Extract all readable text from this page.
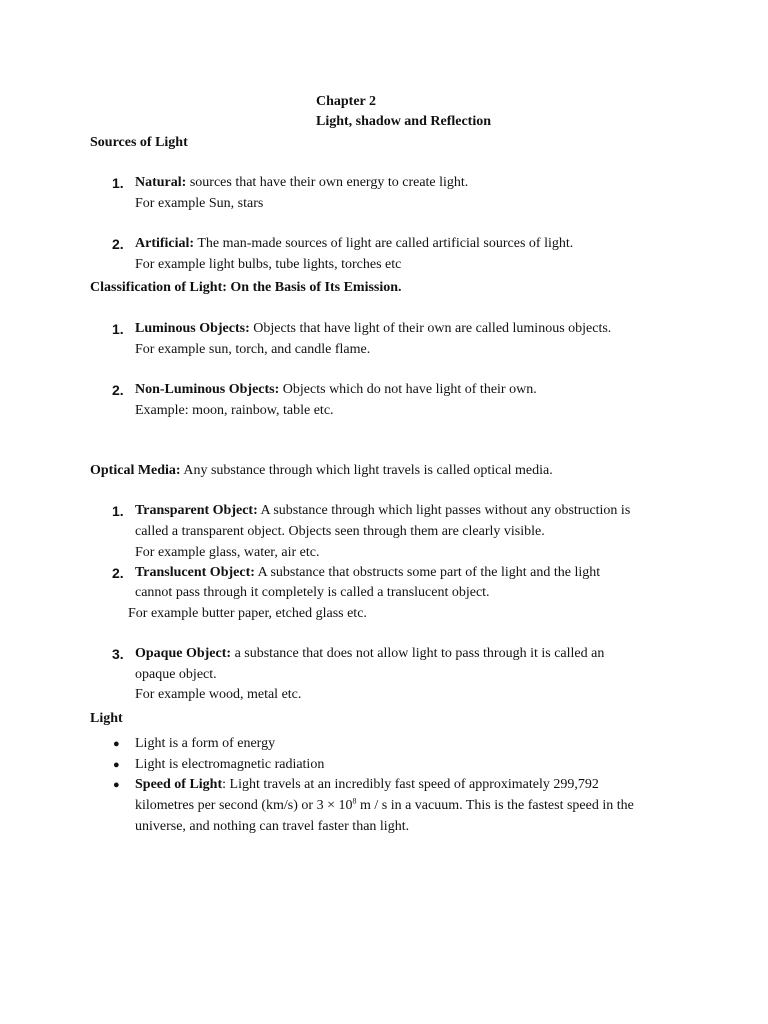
Chapter 2
Light, shadow and Reflection
Sources of Light
1. Natural: sources that have their own energy to create light.
For example Sun, stars
2. Artificial: The man-made sources of light are called artificial sources of light.
For example light bulbs, tube lights, torches etc
Classification of Light: On the Basis of Its Emission.
1. Luminous Objects: Objects that have light of their own are called luminous objects.
For example sun, torch, and candle flame.
2. Non-Luminous Objects: Objects which do not have light of their own.
Example: moon, rainbow, table etc.
Optical Media: Any substance through which light travels is called optical media.
1. Transparent Object: A substance through which light passes without any obstruction is
called a transparent object. Objects seen through them are clearly visible.
For example glass, water, air etc.
2. Translucent Object: A substance that obstructs some part of the light and the light
cannot pass through it completely is called a translucent object.
For example butter paper, etched glass etc.
3. Opaque Object: a substance that does not allow light to pass through it is called an
opaque object.
For example wood, metal etc.
Light
● Light is a form of energy
● Light is electromagnetic radiation
● Speed of Light: Light travels at an incredibly fast speed of approximately 299,792
kilometres per second (km/s) or $3 \times 10^8$ m / s in a vacuum. This is the fastest speed in the
universe, and nothing can travel faster than light.
